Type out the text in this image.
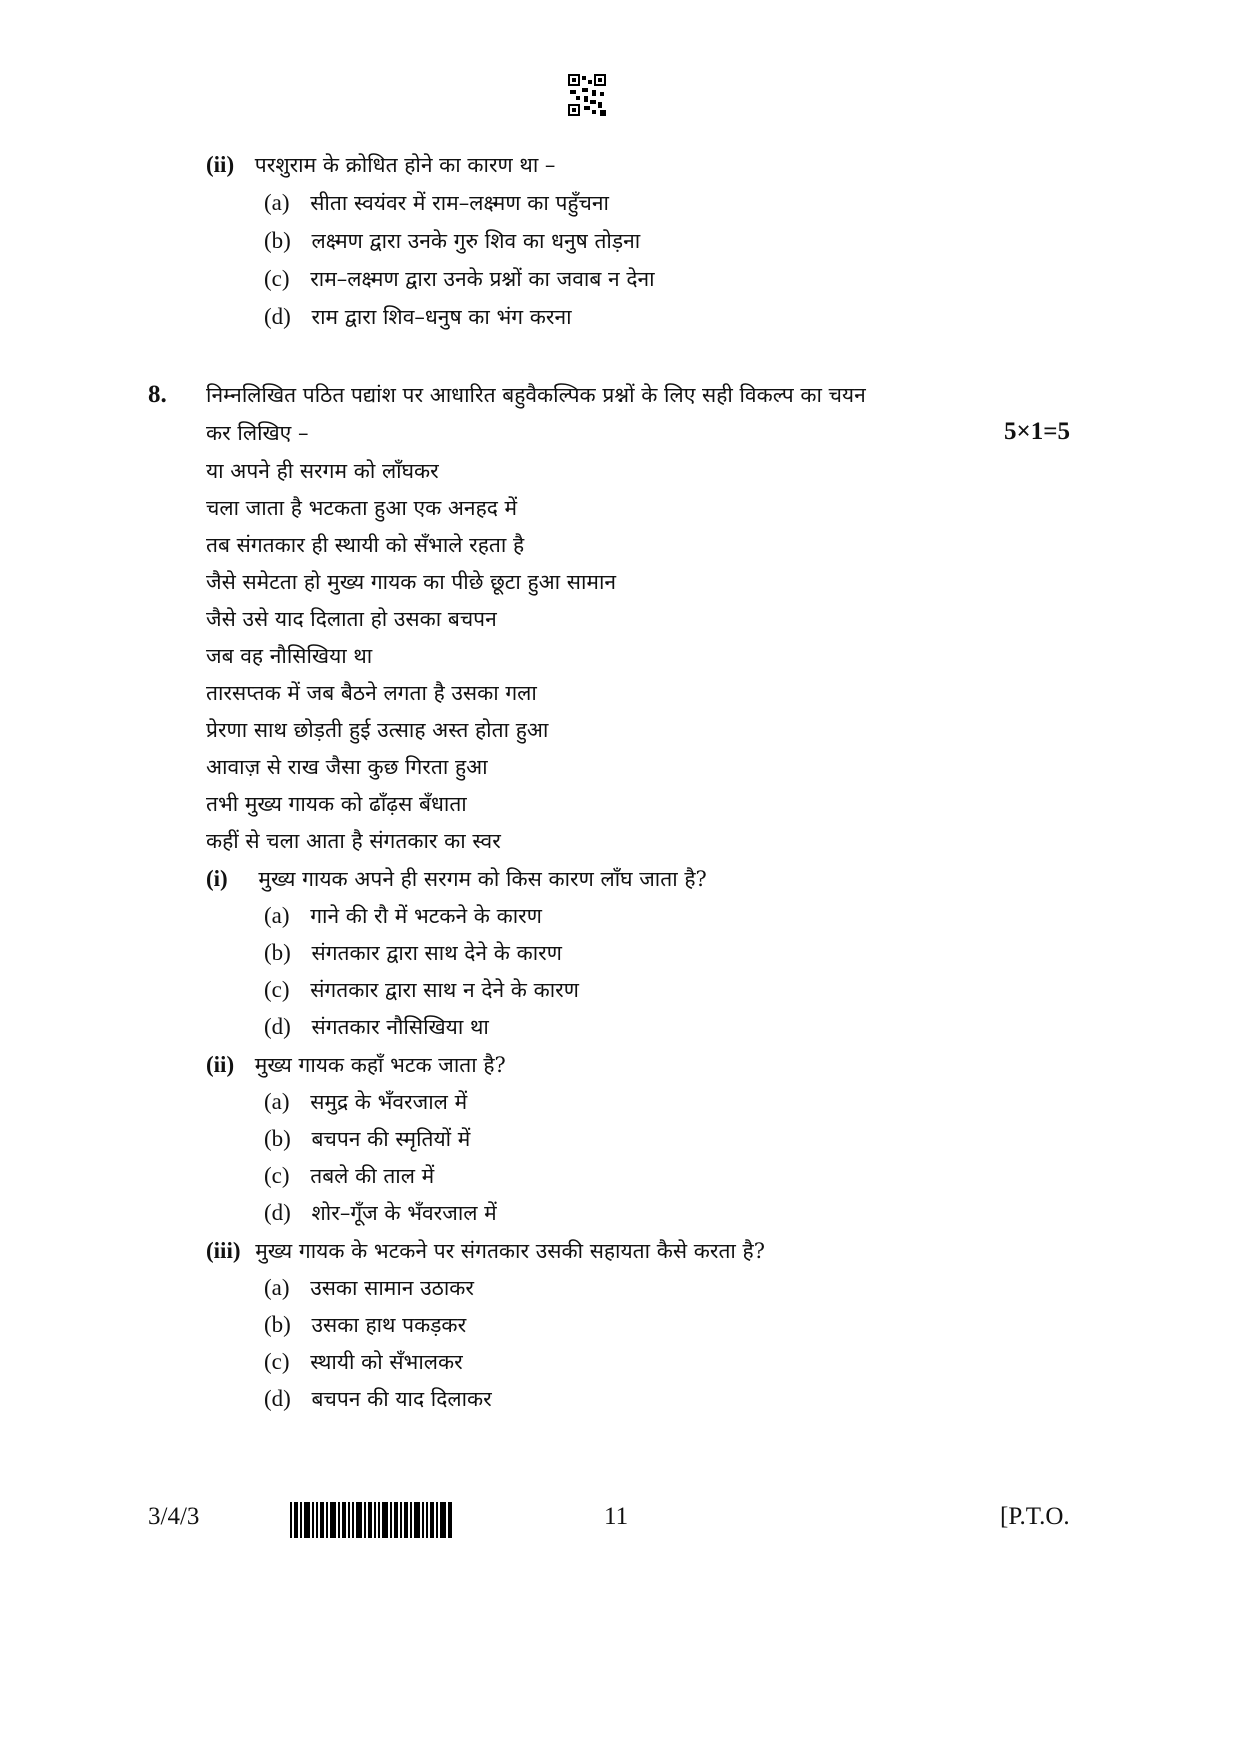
(ii) परशुराम के क्रोधित होने का कारण था –
(a) सीता स्वयंवर में राम–लक्ष्मण का पहुँचना
(b) लक्ष्मण द्वारा उनके गुरु शिव का धनुष तोड़ना
(c) राम–लक्ष्मण द्वारा उनके प्रश्नों का जवाब न देना
(d) राम द्वारा शिव–धनुष का भंग करना
8. निम्नलिखित पठित पद्यांश पर आधारित बहुवैकल्पिक प्रश्नों के लिए सही विकल्प का चयन
कर लिखिए –	5×1=5
या अपने ही सरगम को लाँघकर
चला जाता है भटकता हुआ एक अनहद में
तब संगतकार ही स्थायी को सँभाले रहता है
जैसे समेटता हो मुख्य गायक का पीछे छूटा हुआ सामान
जैसे उसे याद दिलाता हो उसका बचपन
जब वह नौसिखिया था
तारसप्तक में जब बैठने लगता है उसका गला
प्रेरणा साथ छोड़ती हुई उत्साह अस्त होता हुआ
आवाज़ से राख जैसा कुछ गिरता हुआ
तभी मुख्य गायक को ढाँढ़स बँधाता
कहीं से चला आता है संगतकार का स्वर
(i) मुख्य गायक अपने ही सरगम को किस कारण लाँघ जाता है?
(a) गाने की रौ में भटकने के कारण
(b) संगतकार द्वारा साथ देने के कारण
(c) संगतकार द्वारा साथ न देने के कारण
(d) संगतकार नौसिखिया था
(ii) मुख्य गायक कहाँ भटक जाता है?
(a) समुद्र के भँवरजाल में
(b) बचपन की स्मृतियों में
(c) तबले की ताल में
(d) शोर–गूँज के भँवरजाल में
(iii) मुख्य गायक के भटकने पर संगतकार उसकी सहायता कैसे करता है?
(a) उसका सामान उठाकर
(b) उसका हाथ पकड़कर
(c) स्थायी को सँभालकर
(d) बचपन की याद दिलाकर
3/4/3	11	[P.T.O.
